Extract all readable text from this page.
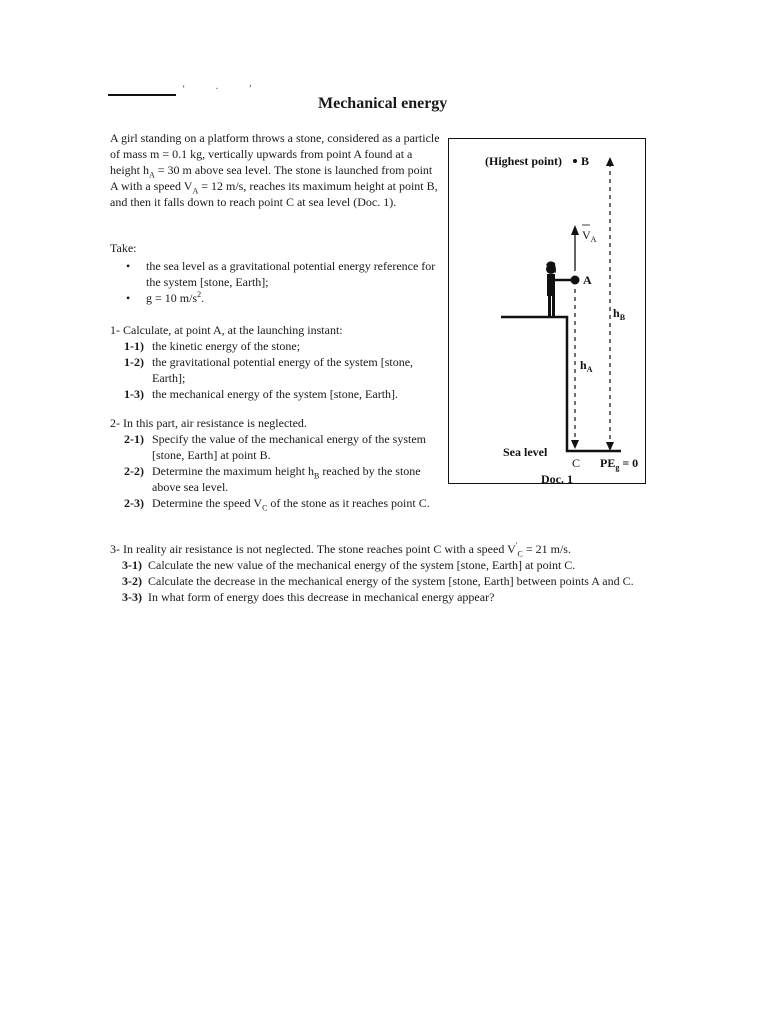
‘·’
Mechanical energy
A girl standing on a platform throws a stone, considered as a particle of mass m = 0.1 kg, vertically upwards from point A found at a height $h_A = 30$ m above sea level. The stone is launched from point A with a speed $V_A = 12$ m/s, reaches its maximum height at point B, and then it falls down to reach point C at sea level (Doc. 1).

Take:

• the sea level as a gravitational potential energy reference for the system [stone, Earth];
• g = 10 $m/s^2$.

1- Calculate, at point A, at the launching instant:

1-1) the kinetic energy of the stone;

1-2) the gravitational potential energy of the system [stone, Earth];

1-3) the mechanical energy of the system [stone, Earth].

2- In this part, air resistance is neglected.

2-1) Specify the value of the mechanical energy of the system [stone, Earth] at point B.

2-2) Determine the maximum height $h_B$ reached by the stone above sea level.

2-3) Determine the speed $V_C$ of the stone as it reaches point C.

3- In reality air resistance is not neglected. The stone reaches point C with a speed $V'_C = 21$ m/s.

3-1) Calculate the new value of the mechanical energy of the system [stone, Earth] at point C.

3-2) Calculate the decrease in the mechanical energy of the system [stone, Earth] between points A and C.

3-3) In what form of energy does this decrease in mechanical energy appear?

(Highest point) B
$h_B$
$V_A$
A
$h_A$
Sea level
C $PE_g = 0$
Doc. 1
